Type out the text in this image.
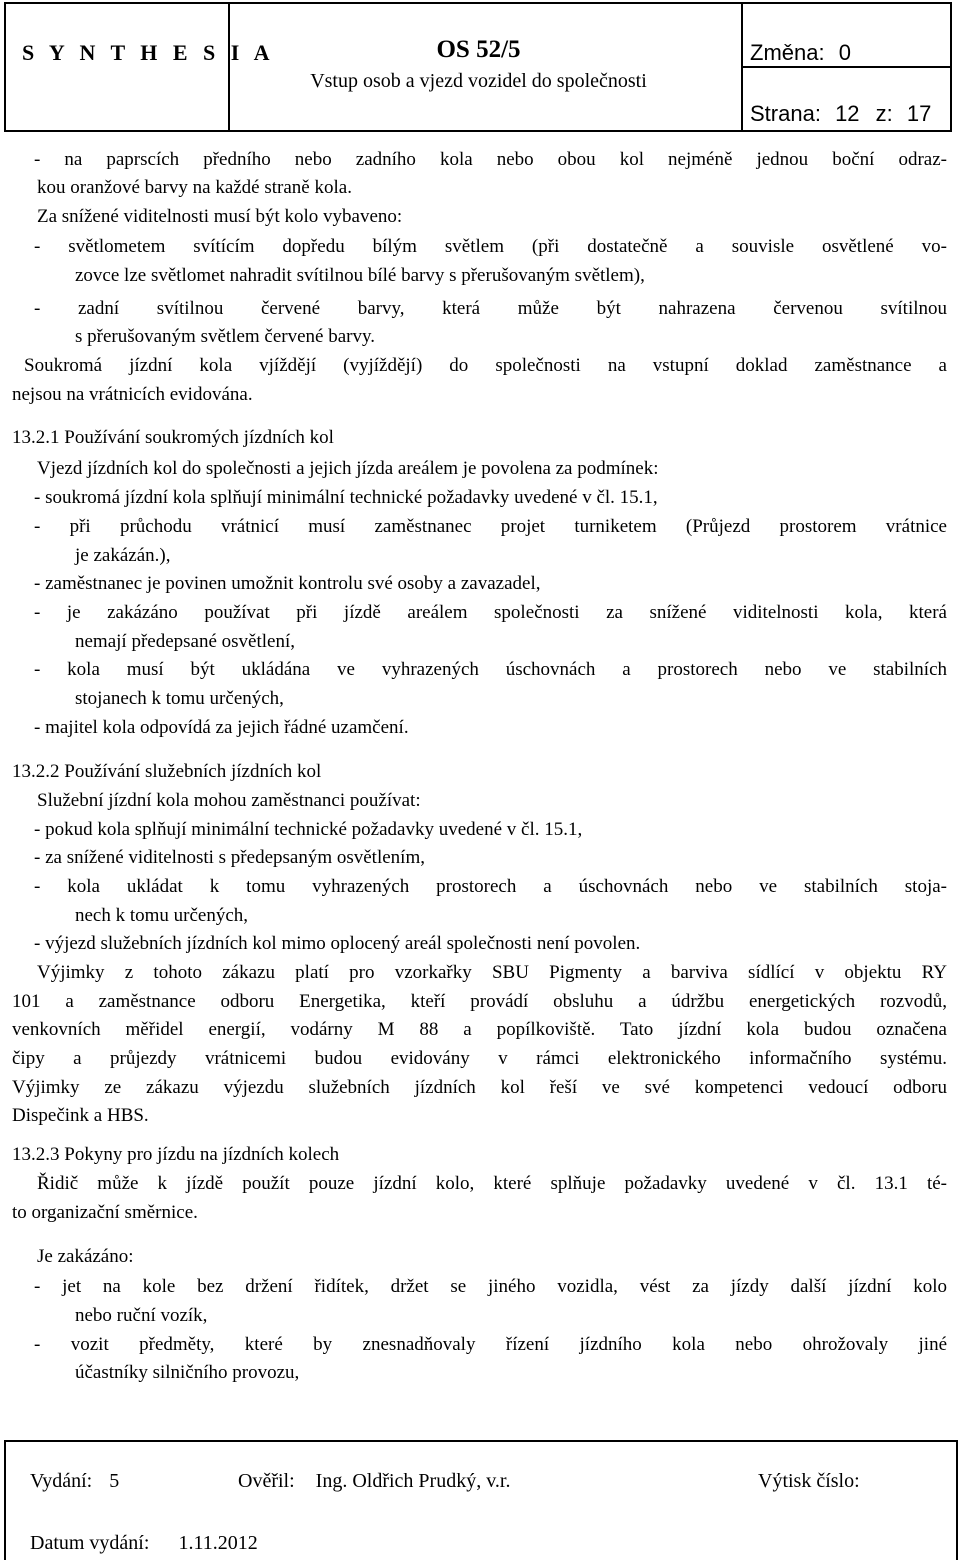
S Y N T H E S I A	OS 52/5
Vstup osob a vjezd vozidel do společnosti
Změna: 0
Strana: 12 z: 17
- na paprscích předního nebo zadního kola nebo obou kol nejméně jednou boční odraz-
kou oranžové barvy na každé straně kola.
Za snížené viditelnosti musí být kolo vybaveno:
- světlometem svítícím dopředu bílým světlem (při dostatečně a souvisle osvětlené vo-
zovce lze světlomet nahradit svítilnou bílé barvy s přerušovaným světlem),
- zadní svítilnou červené barvy, která může být nahrazena červenou svítilnou
s přerušovaným světlem červené barvy.
Soukromá jízdní kola vjíždějí (vyjíždějí) do společnosti na vstupní doklad zaměstnance a
nejsou na vrátnicích evidována.
13.2.1 Používání soukromých jízdních kol
Vjezd jízdních kol do společnosti a jejich jízda areálem je povolena za podmínek:
- soukromá jízdní kola splňují minimální technické požadavky uvedené v čl. 15.1,
- při průchodu vrátnicí musí zaměstnanec projet turniketem (Průjezd prostorem vrátnice
je zakázán.),
- zaměstnanec je povinen umožnit kontrolu své osoby a zavazadel,
- je zakázáno používat při jízdě areálem společnosti za snížené viditelnosti kola, která
nemají předepsané osvětlení,
- kola musí být ukládána ve vyhrazených úschovnách a prostorech nebo ve stabilních
stojanech k tomu určených,
- majitel kola odpovídá za jejich řádné uzamčení.
13.2.2 Používání služebních jízdních kol
Služební jízdní kola mohou zaměstnanci používat:
- pokud kola splňují minimální technické požadavky uvedené v čl. 15.1,
- za snížené viditelnosti s předepsaným osvětlením,
- kola ukládat k tomu vyhrazených prostorech a úschovnách nebo ve stabilních stoja-
nech k tomu určených,
- výjezd služebních jízdních kol mimo oplocený areál společnosti není povolen.
Výjimky z tohoto zákazu platí pro vzorkařky SBU Pigmenty a barviva sídlící v objektu RY
101 a zaměstnance odboru Energetika, kteří provádí obsluhu a údržbu energetických rozvodů,
venkovních měřidel energií, vodárny M 88 a popílkoviště. Tato jízdní kola budou označena
čipy a průjezdy vrátnicemi budou evidovány v rámci elektronického informačního systému.
Výjimky ze zákazu výjezdu služebních jízdních kol řeší ve své kompetenci vedoucí odboru
Dispečink a HBS.
13.2.3 Pokyny pro jízdu na jízdních kolech
Řidič může k jízdě použít pouze jízdní kolo, které splňuje požadavky uvedené v čl. 13.1 té-
to organizační směrnice.
Je zakázáno:
- jet na kole bez držení řidítek, držet se jiného vozidla, vést za jízdy další jízdní kolo
nebo ruční vozík,
- vozit předměty, které by znesnadňovaly řízení jízdního kola nebo ohrožovaly jiné
účastníky silničního provozu,
Vydání: 5	Ověřil: Ing. Oldřich Prudký, v.r.	Výtisk číslo:
Datum vydání: 1.11.2012
